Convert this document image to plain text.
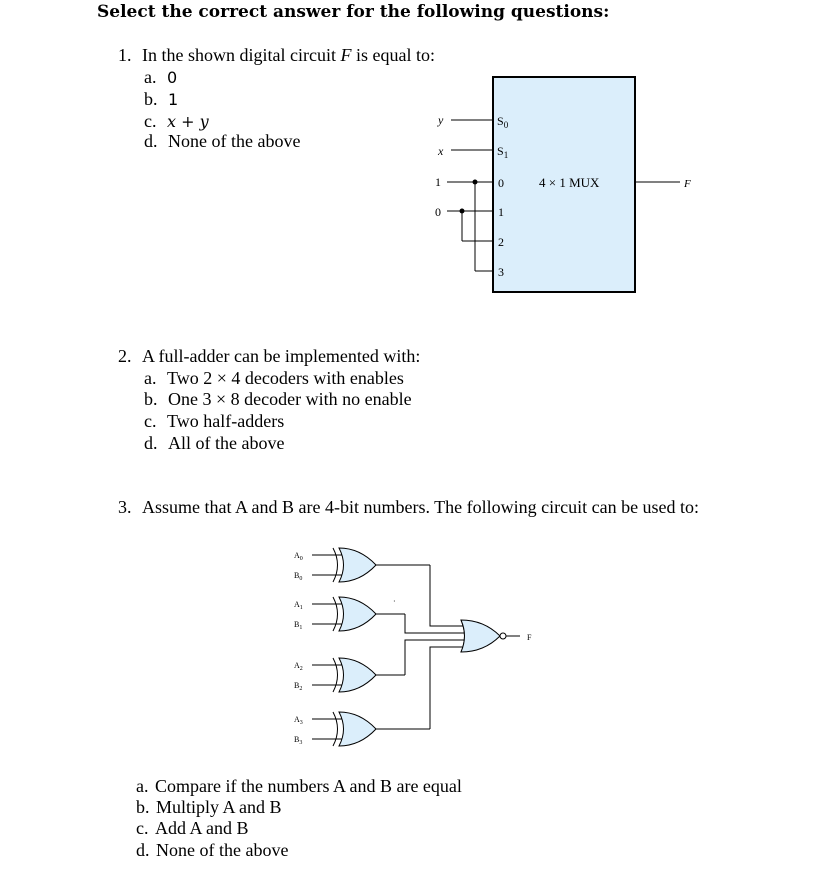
Select the correct answer for the following questions:
1. In the shown digital circuit F is equal to:
a. 0
b. 1
c. x + y
d. None of the above
y
x
1
0
$S_0$
$S_1$
0
1
2
3
4 × 1 MUX	F
2. A full-adder can be implemented with:
a. Two 2 × 4 decoders with enables
b. One 3 × 8 decoder with no enable
c. Two half-adders
d. All of the above
3. Assume that A and B are 4-bit numbers. The following circuit can be used to:
F
·
$A_0$
$B_0$
$A_1$
$B_1$
$A_2$
$B_2$
$A_3$
$B_3$
a. Compare if the numbers A and B are equal
b. Multiply A and B
c. Add A and B
d. None of the above
